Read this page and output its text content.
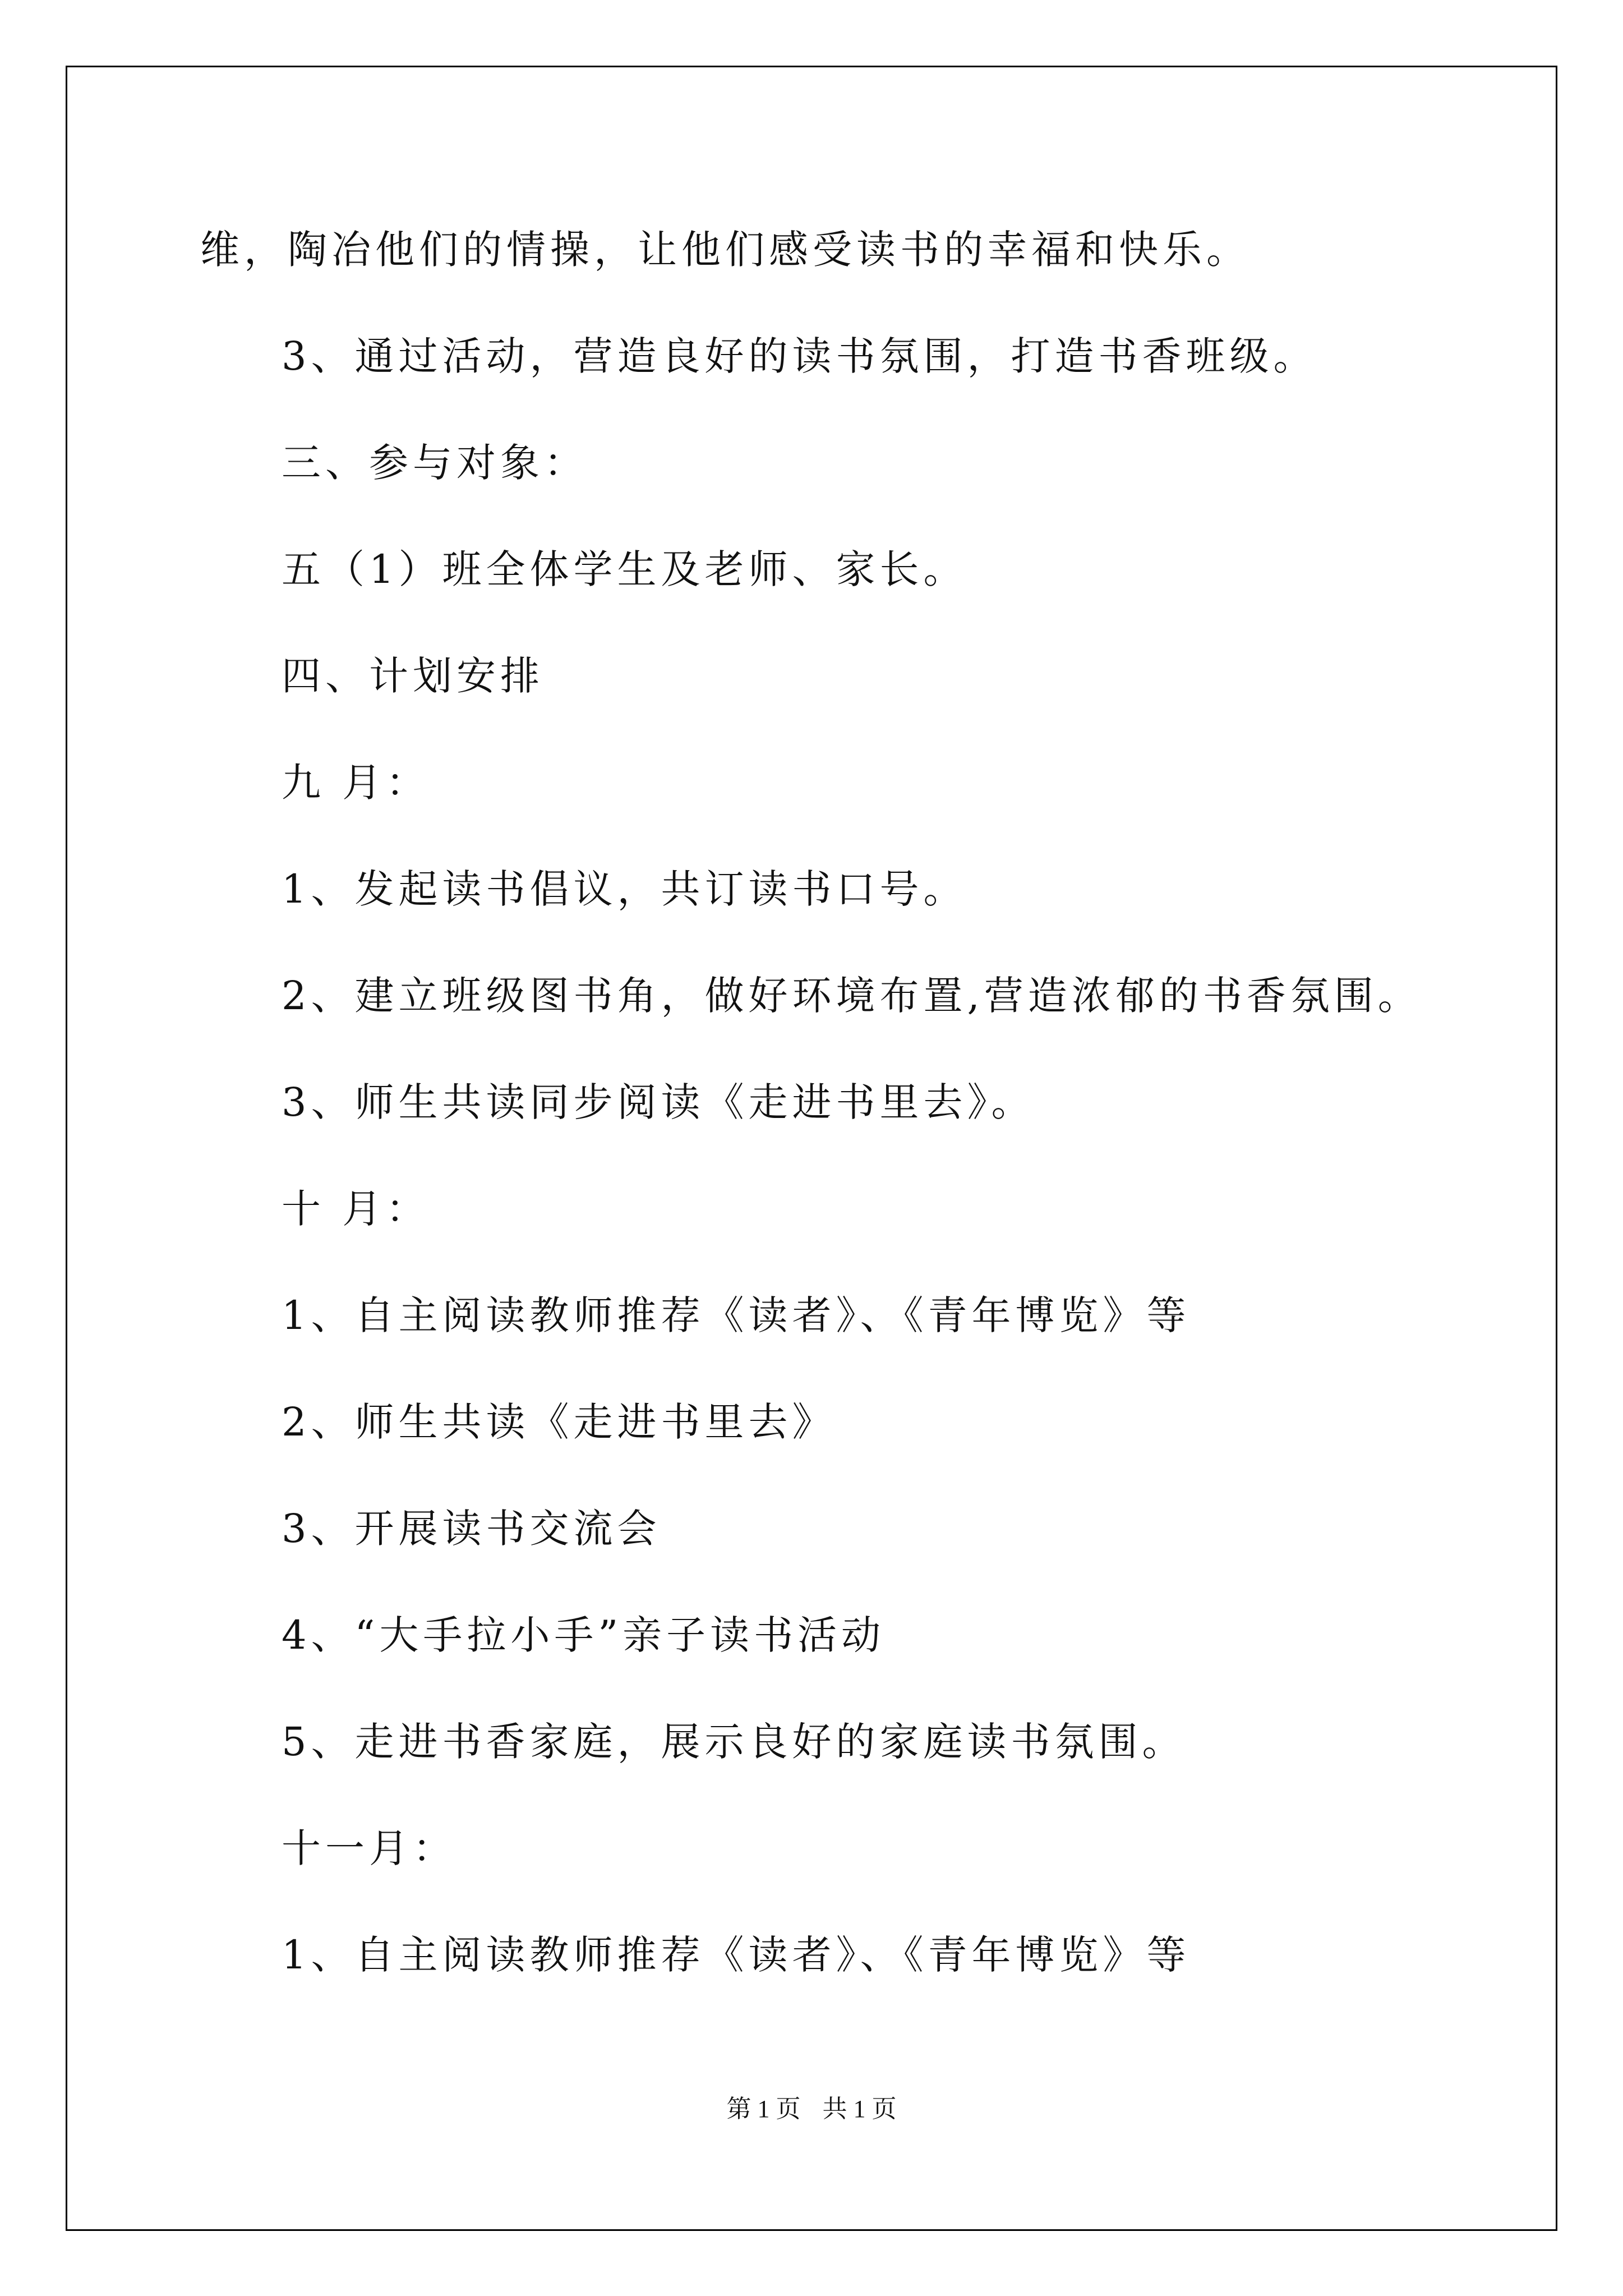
维，陶冶他们的情操，让他们感受读书的幸福和快乐。

3、通过活动，营造良好的读书氛围，打造书香班级。

三、参与对象：

五（1）班全体学生及老师、家长。

四、计划安排

九 月：

1、发起读书倡议，共订读书口号。

2、建立班级图书角，做好环境布置,营造浓郁的书香氛围。

3、师生共读同步阅读《走进书里去》。

十 月：

1、自主阅读教师推荐《读者》、《青年博览》等

2、师生共读《走进书里去》

3、开展读书交流会

4、“大手拉小手”亲子读书活动

5、走进书香家庭，展示良好的家庭读书氛围。

十一月：

1、自主阅读教师推荐《读者》、《青年博览》等

第 1 页 共 1 页
